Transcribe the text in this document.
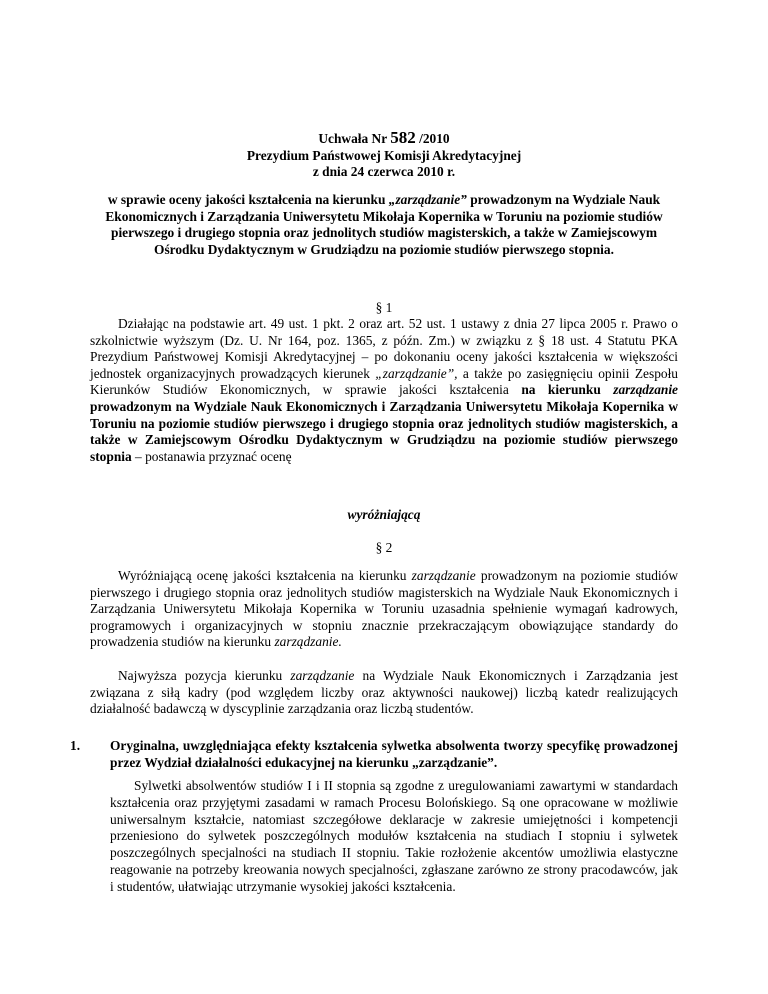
Uchwała Nr 582 /2010
Prezydium Państwowej Komisji Akredytacyjnej
z dnia 24 czerwca 2010 r.
w sprawie oceny jakości kształcenia na kierunku „zarządzanie” prowadzonym na Wydziale Nauk Ekonomicznych i Zarządzania Uniwersytetu Mikołaja Kopernika w Toruniu na poziomie studiów pierwszego i drugiego stopnia oraz jednolitych studiów magisterskich, a także w Zamiejscowym Ośrodku Dydaktycznym w Grudziądzu na poziomie studiów pierwszego stopnia.
§ 1
Działając na podstawie art. 49 ust. 1 pkt. 2 oraz art. 52 ust. 1 ustawy z dnia 27 lipca 2005 r. Prawo o szkolnictwie wyższym (Dz. U. Nr 164, poz. 1365, z późn. Zm.) w związku z § 18 ust. 4 Statutu PKA Prezydium Państwowej Komisji Akredytacyjnej – po dokonaniu oceny jakości kształcenia w większości jednostek organizacyjnych prowadzących kierunek „zarządzanie”, a także po zasięgnięciu opinii Zespołu Kierunków Studiów Ekonomicznych, w sprawie jakości kształcenia na kierunku zarządzanie prowadzonym na Wydziale Nauk Ekonomicznych i Zarządzania Uniwersytetu Mikołaja Kopernika w Toruniu na poziomie studiów pierwszego i drugiego stopnia oraz jednolitych studiów magisterskich, a także w Zamiejscowym Ośrodku Dydaktycznym w Grudziądzu na poziomie studiów pierwszego stopnia – postanawia przyznać ocenę
wyróżniającą
§ 2
Wyróżniającą ocenę jakości kształcenia na kierunku zarządzanie prowadzonym na poziomie studiów pierwszego i drugiego stopnia oraz jednolitych studiów magisterskich na Wydziale Nauk Ekonomicznych i Zarządzania Uniwersytetu Mikołaja Kopernika w Toruniu uzasadnia spełnienie wymagań kadrowych, programowych i organizacyjnych w stopniu znacznie przekraczającym obowiązujące standardy do prowadzenia studiów na kierunku zarządzanie.
Najwyższa pozycja kierunku zarządzanie na Wydziale Nauk Ekonomicznych i Zarządzania jest związana z siłą kadry (pod względem liczby oraz aktywności naukowej) liczbą katedr realizujących działalność badawczą w dyscyplinie zarządzania oraz liczbą studentów.
1. Oryginalna, uwzględniająca efekty kształcenia sylwetka absolwenta tworzy specyfikę prowadzonej przez Wydział działalności edukacyjnej na kierunku „zarządzanie”.
Sylwetki absolwentów studiów I i II stopnia są zgodne z uregulowaniami zawartymi w standardach kształcenia oraz przyjętymi zasadami w ramach Procesu Bolońskiego. Są one opracowane w możliwie uniwersalnym kształcie, natomiast szczegółowe deklaracje w zakresie umiejętności i kompetencji przeniesiono do sylwetek poszczególnych modułów kształcenia na studiach I stopniu i sylwetek poszczególnych specjalności na studiach II stopniu. Takie rozłożenie akcentów umożliwia elastyczne reagowanie na potrzeby kreowania nowych specjalności, zgłaszane zarówno ze strony pracodawców, jak i studentów, ułatwiając utrzymanie wysokiej jakości kształcenia.
